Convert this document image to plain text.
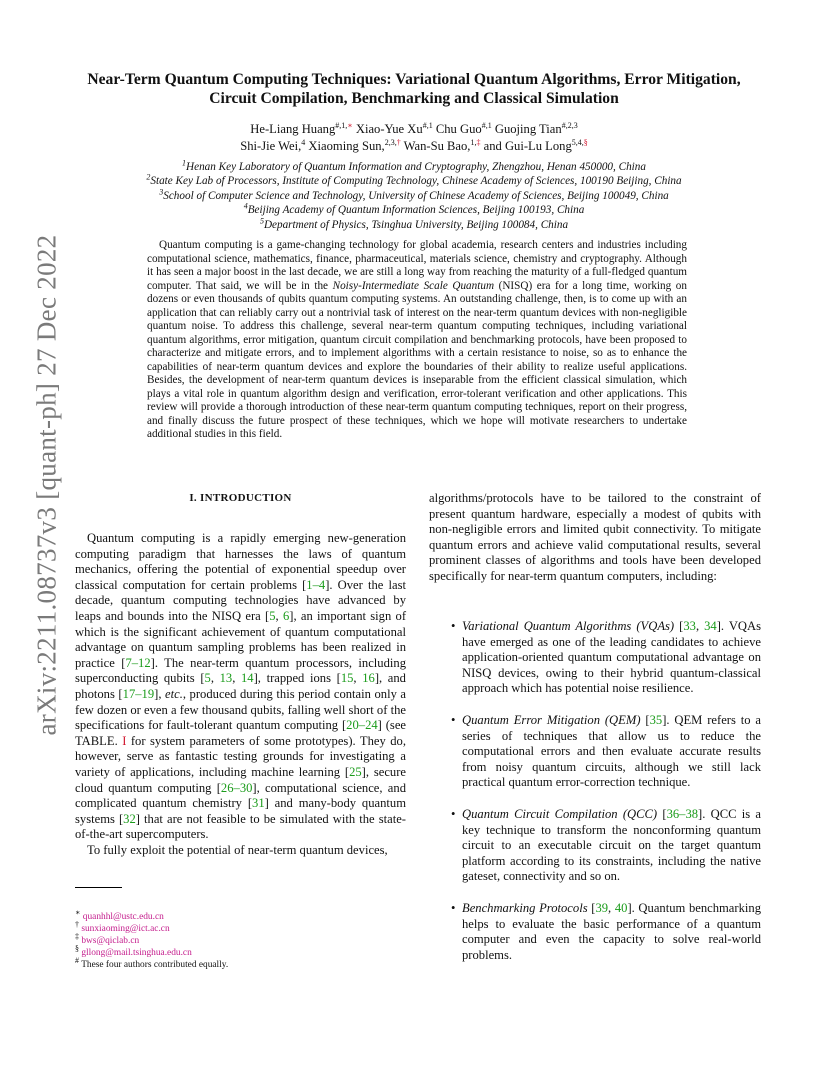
arXiv:2211.08737v3 [quant-ph] 27 Dec 2022
Near-Term Quantum Computing Techniques: Variational Quantum Algorithms, Error Mitigation,
Circuit Compilation, Benchmarking and Classical Simulation
He-Liang Huang$^{\#,1,∗}$ Xiao-Yue $Xu^{\#,1}$ Chu Guo$^{\#,1}$ Guojing Tian$^{\#,2,3}$
Shi-Jie Wei,$^4$ Xiaoming Sun,$^{2,3,\dagger}$ Wan-Su Bao,$^{1,\ddagger}$ and Gui-Lu Long$^{5,4,\S}$
$^1$Henan Key Laboratory of Quantum Information and Cryptography, Zhengzhou, Henan 450000, China
$^2$State Key Lab of Processors, Institute of Computing Technology, Chinese Academy of Sciences, 100190 Beijing, China
$^3$School of Computer Science and Technology, University of Chinese Academy of Sciences, Beijing 100049, China
$^4$Beijing Academy of Quantum Information Sciences, Beijing 100193, China
$^5$Department of Physics, Tsinghua University, Beijing 100084, China

Quantum computing is a game-changing technology for global academia, research centers and industries including computational science, mathematics, finance, pharmaceutical, materials science, chemistry and cryptography. Although it has seen a major boost in the last decade, we are still a long way from reaching the maturity of a full-fledged quantum computer. That said, we will be in the Noisy-Intermediate Scale Quantum (NISQ) era for a long time, working on dozens or even thousands of qubits quantum computing systems. An outstanding challenge, then, is to come up with an application that can reliably carry out a nontrivial task of interest on the near-term quantum devices with non-negligible quantum noise. To address this challenge, several near-term quantum computing techniques, including variational quantum algorithms, error mitigation, quantum circuit compilation and benchmarking protocols, have been proposed to characterize and mitigate errors, and to implement algorithms with a certain resistance to noise, so as to enhance the capabilities of near-term quantum devices and explore the boundaries of their ability to realize useful applications. Besides, the development of near-term quantum devices is inseparable from the efficient classical simulation, which plays a vital role in quantum algorithm design and verification, error-tolerant verification and other applications. This review will provide a thorough introduction of these near-term quantum computing techniques, report on their progress, and finally discuss the future prospect of these techniques, which we hope will motivate researchers to undertake additional studies in this field.

I. INTRODUCTION

Quantum computing is a rapidly emerging new-generation computing paradigm that harnesses the laws of quantum mechanics, offering the potential of exponential speedup over classical computation for certain problems [1–4]. Over the last decade, quantum computing technologies have advanced by leaps and bounds into the NISQ era [5, 6], an important sign of which is the significant achievement of quantum computational advantage on quantum sampling problems has been realized in practice [7–12]. The near-term quantum processors, including superconducting qubits [5, 13, 14], trapped ions [15, 16], and photons [17–19], etc., produced during this period contain only a few dozen or even a few thousand qubits, falling well short of the specifications for fault-tolerant quantum computing [20–24] (see TABLE. I for system parameters of some prototypes). They do, however, serve as fantastic testing grounds for investigating a variety of applications, including machine learning [25], secure cloud quantum computing [26–30], computational science, and complicated quantum chemistry [31] and many-body quantum systems [32] that are not feasible to be simulated with the state-of-the-art supercomputers.

To fully exploit the potential of near-term quantum devices,

algorithms/protocols have to be tailored to the constraint of present quantum hardware, especially a modest of qubits with non-negligible errors and limited qubit connectivity. To mitigate quantum errors and achieve valid computational results, several prominent classes of algorithms and tools have been developed specifically for near-term quantum computers, including:

• Variational Quantum Algorithms (VQAs) [33, 34]. VQAs have emerged as one of the leading candidates to achieve application-oriented quantum computational advantage on NISQ devices, owing to their hybrid quantum-classical approach which has potential noise resilience.
• Quantum Error Mitigation (QEM) [35]. QEM refers to a series of techniques that allow us to reduce the computational errors and then evaluate accurate results from noisy quantum circuits, although we still lack practical quantum error-correction technique.
• Quantum Circuit Compilation (QCC) [36–38]. QCC is a key technique to transform the nonconforming quantum circuit to an executable circuit on the target quantum platform according to its constraints, including the native gateset, connectivity and so on.
• Benchmarking Protocols [39, 40]. Quantum benchmarking helps to evaluate the basic performance of a quantum computer and even the capacity to solve real-world problems.
∗ quanhhl@ustc.edu.cn
† sunxiaoming@ict.ac.cn
‡ bws@qiclab.cn
§ gllong@mail.tsinghua.edu.cn
# These four authors contributed equally.
